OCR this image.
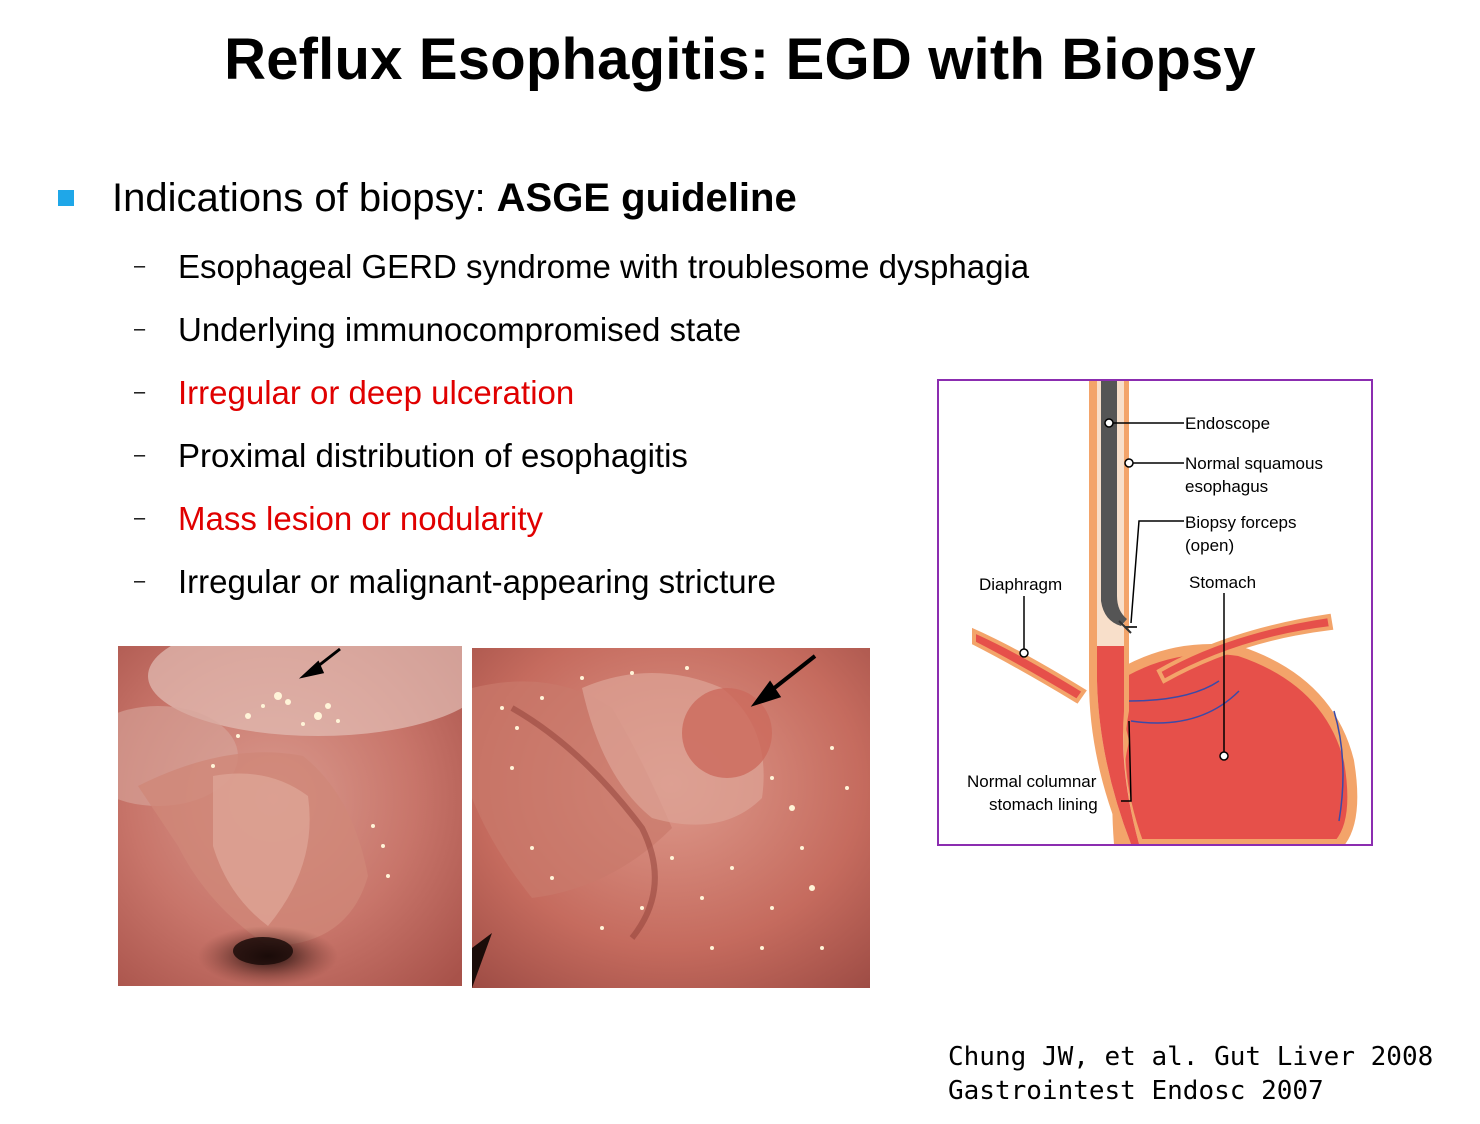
Reflux Esophagitis: EGD with Biopsy
Indications of biopsy: ASGE guideline
– Esophageal GERD syndrome with troublesome dysphagia
– Underlying immunocompromised state
– Irregular or deep ulceration
– Proximal distribution of esophagitis
– Mass lesion or nodularity
– Irregular or malignant-appearing stricture
Endoscope
Normal squamous
esophagus
Biopsy forceps
(open)
Diaphragm	Stomach
Normal columnar
stomach lining
Chung JW, et al. Gut Liver 2008
Gastrointest Endosc 2007
